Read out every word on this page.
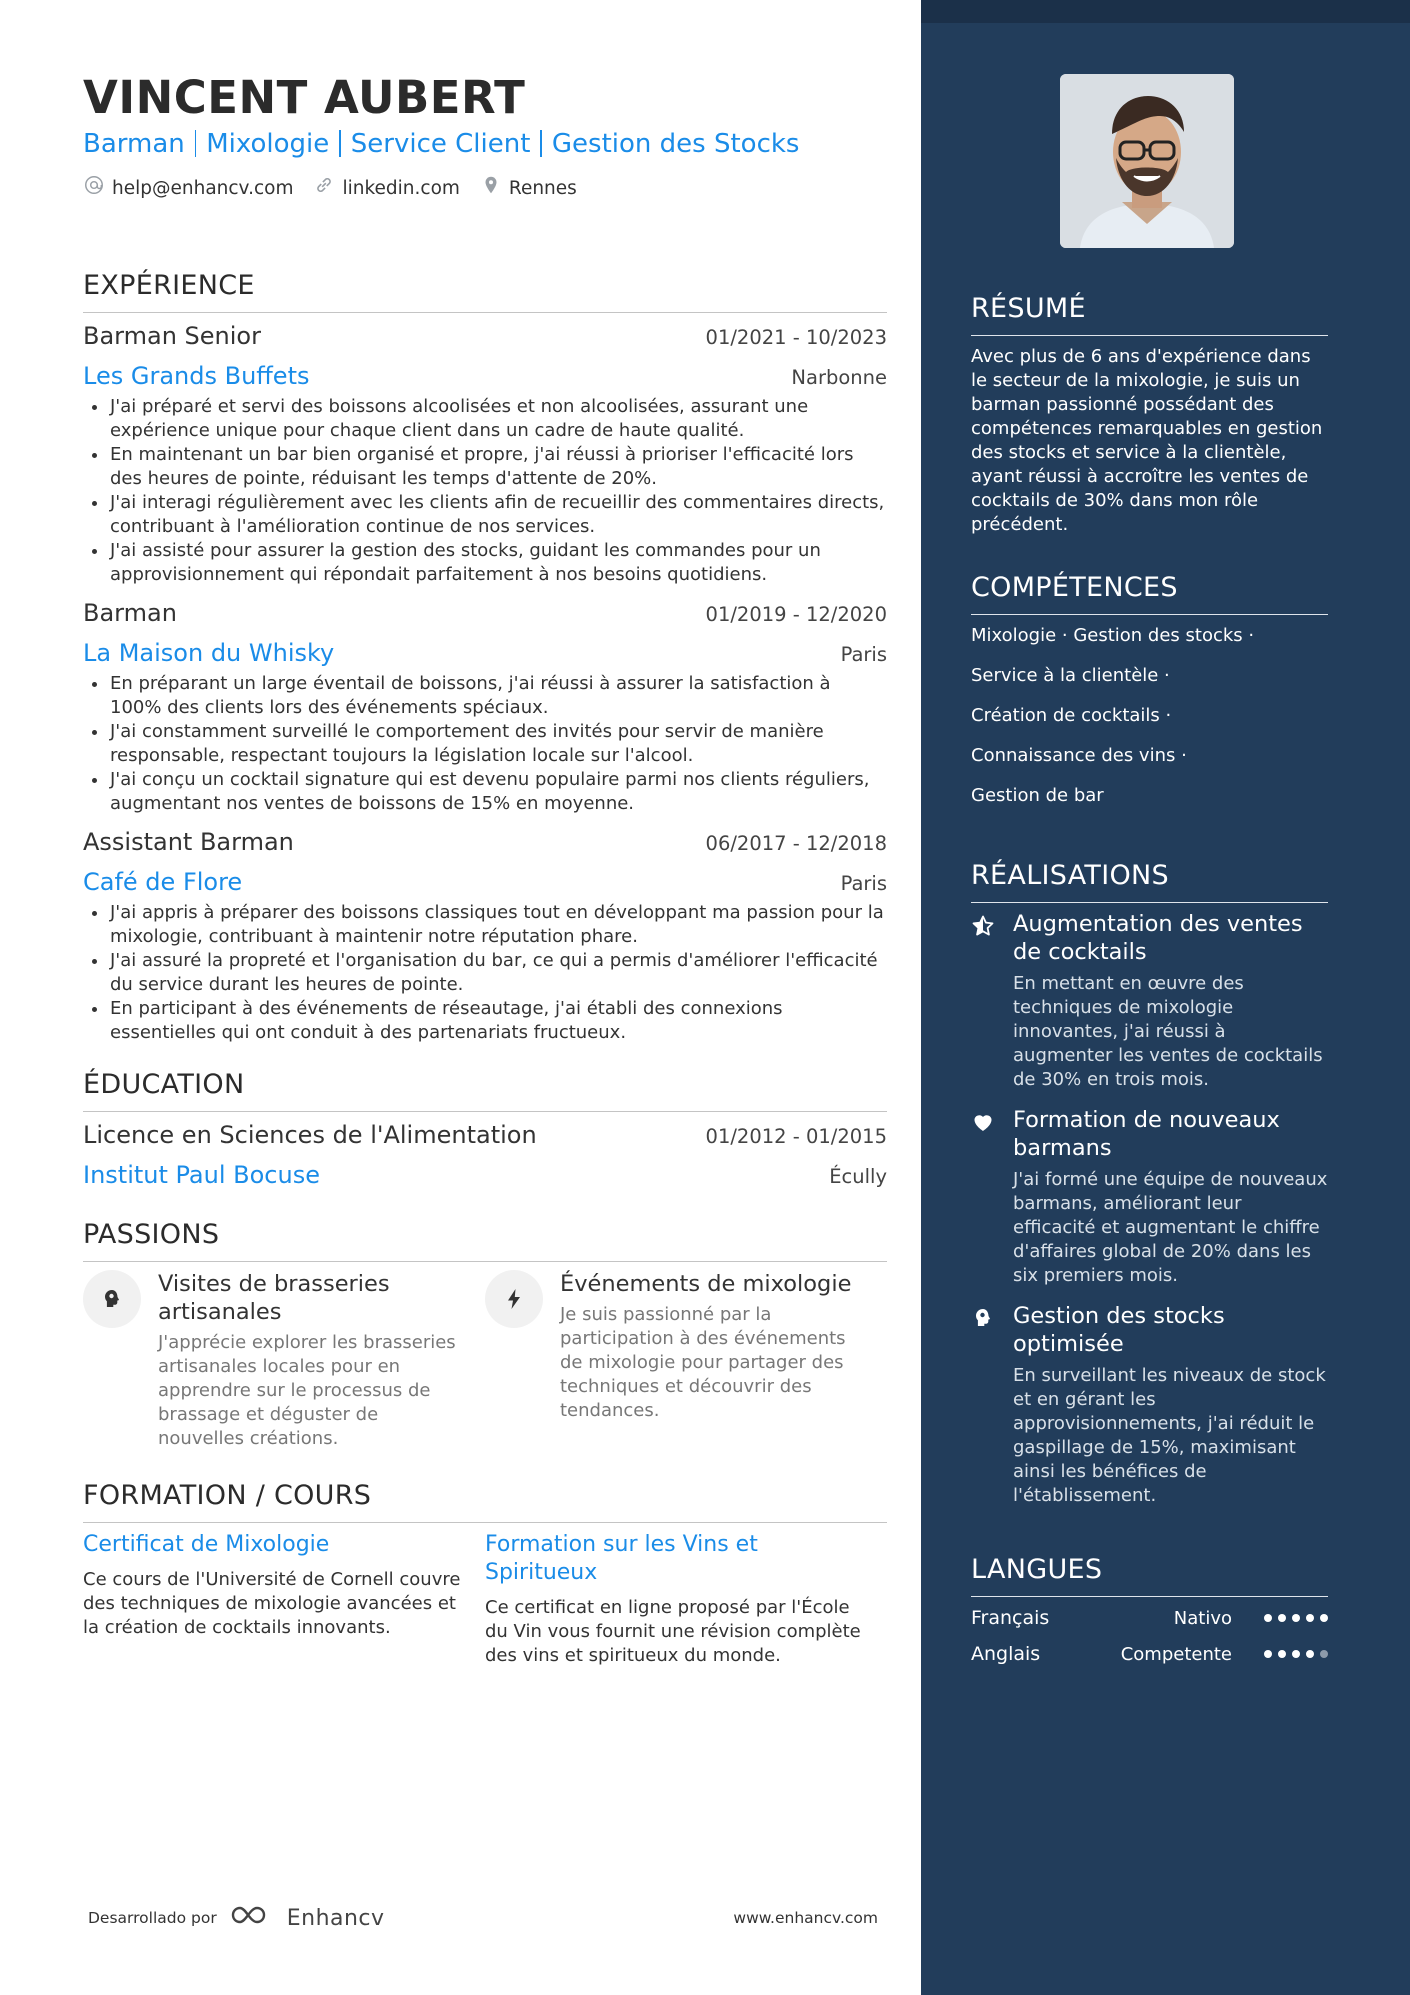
VINCENT AUBERT
Barman Mixologie Service Client Gestion des Stocks
help@enhancv.com	linkedin.com	Rennes
EXPÉRIENCE
Barman Senior	01/2021 - 10/2023
Les Grands Buffets	Narbonne
J'ai préparé et servi des boissons alcoolisées et non alcoolisées, assurant une expérience unique pour chaque client dans un cadre de haute qualité.
En maintenant un bar bien organisé et propre, j'ai réussi à prioriser l'efficacité lors des heures de pointe, réduisant les temps d'attente de 20%.
J'ai interagi régulièrement avec les clients afin de recueillir des commentaires directs, contribuant à l'amélioration continue de nos services.
J'ai assisté pour assurer la gestion des stocks, guidant les commandes pour un approvisionnement qui répondait parfaitement à nos besoins quotidiens.
Barman	01/2019 - 12/2020
La Maison du Whisky	Paris
En préparant un large éventail de boissons, j'ai réussi à assurer la satisfaction à 100% des clients lors des événements spéciaux.
J'ai constamment surveillé le comportement des invités pour servir de manière responsable, respectant toujours la législation locale sur l'alcool.
J'ai conçu un cocktail signature qui est devenu populaire parmi nos clients réguliers, augmentant nos ventes de boissons de 15% en moyenne.
Assistant Barman	06/2017 - 12/2018
Café de Flore	Paris
J'ai appris à préparer des boissons classiques tout en développant ma passion pour la mixologie, contribuant à maintenir notre réputation phare.
J'ai assuré la propreté et l'organisation du bar, ce qui a permis d'améliorer l'efficacité du service durant les heures de pointe.
En participant à des événements de réseautage, j'ai établi des connexions essentielles qui ont conduit à des partenariats fructueux.
ÉDUCATION
Licence en Sciences de l'Alimentation	01/2012 - 01/2015
Institut Paul Bocuse	Écully
PASSIONS
Visites de brasseries artisanales
J'apprécie explorer les brasseries artisanales locales pour en apprendre sur le processus de brassage et déguster de nouvelles créations.
Événements de mixologie
Je suis passionné par la participation à des événements de mixologie pour partager des techniques et découvrir des tendances.
FORMATION / COURS
Certificat de Mixologie
Ce cours de l'Université de Cornell couvre des techniques de mixologie avancées et la création de cocktails innovants.
Formation sur les Vins et Spiritueux
Ce certificat en ligne proposé par l'École du Vin vous fournit une révision complète des vins et spiritueux du monde.
Desarrollado por	Enhancv	www.enhancv.com
RÉSUMÉ
Avec plus de 6 ans d'expérience dans le secteur de la mixologie, je suis un barman passionné possédant des compétences remarquables en gestion des stocks et service à la clientèle, ayant réussi à accroître les ventes de cocktails de 30% dans mon rôle précédent.
COMPÉTENCES
Mixologie · Gestion des stocks ·
Service à la clientèle ·
Création de cocktails ·
Connaissance des vins ·
Gestion de bar
RÉALISATIONS
Augmentation des ventes de cocktails
En mettant en œuvre des techniques de mixologie innovantes, j'ai réussi à augmenter les ventes de cocktails de 30% en trois mois.
Formation de nouveaux barmans
J'ai formé une équipe de nouveaux barmans, améliorant leur efficacité et augmentant le chiffre d'affaires global de 20% dans les six premiers mois.
Gestion des stocks optimisée
En surveillant les niveaux de stock et en gérant les approvisionnements, j'ai réduit le gaspillage de 15%, maximisant ainsi les bénéfices de l'établissement.
LANGUES
Français	Nativo
Anglais	Competente
